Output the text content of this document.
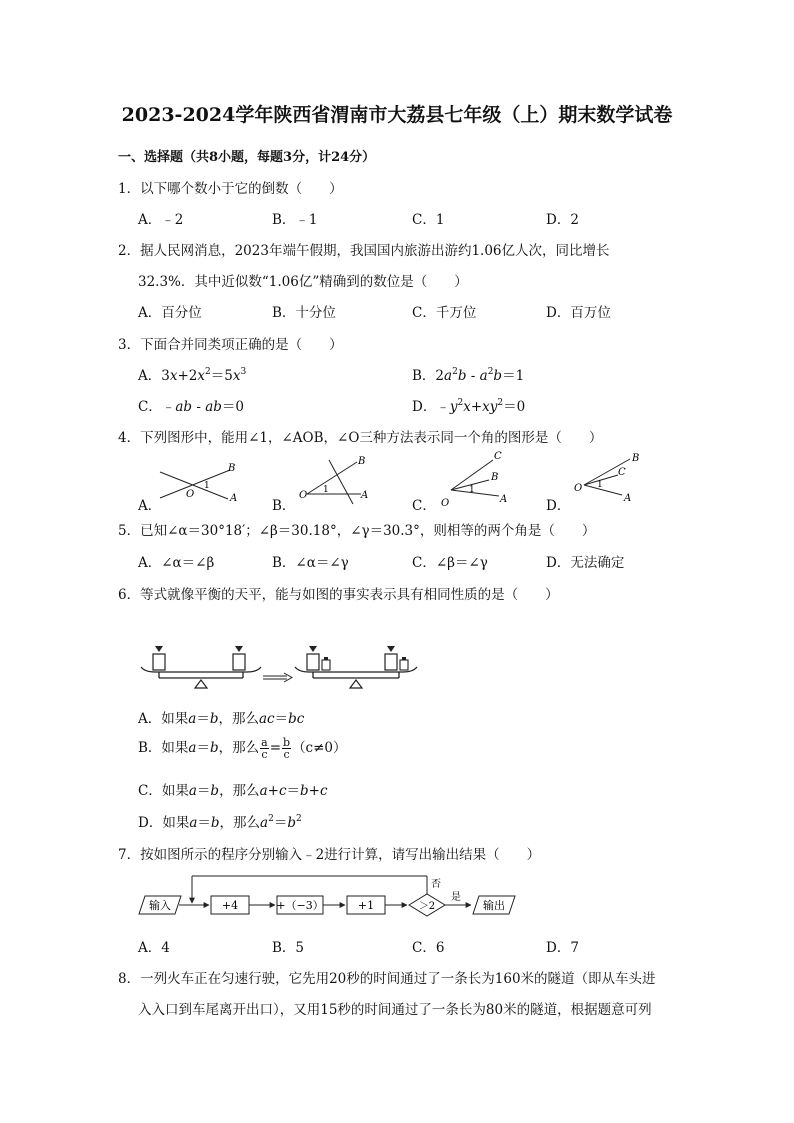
2023-2024学年陕西省渭南市大荔县七年级（上）期末数学试卷
一、选择题（共8小题，每题3分，计24分）
1．以下哪个数小于它的倒数（　　）
A．﹣2	B．﹣1	C．1	D．2
2．据人民网消息，2023年端午假期，我国国内旅游出游约1.06亿人次，同比增长
32.3%．其中近似数“1.06亿”精确到的数位是（　　）
A．百分位	B．十分位	C．千万位	D．百万位
3．下面合并同类项正确的是（　　）
A．$3x+2x^2=5x^3$	B．$2a^2b - a^2b=1$
C．﹣ab - ab＝0	D．$﹣y^2x+xy^2=0$
4．下列图形中，能用∠1，∠AOB，∠O三种方法表示同一个角的图形是（　　）
A．	B．	C．	D．
O
1
B
A	O 1
B
A
O
1
C
B
A
O 1
B
C
A
5．已知∠α＝30°18′；∠β＝30.18°，∠γ＝30.3°，则相等的两个角是（　　）
A．∠α＝∠β	B．∠α＝∠γ	C．∠β＝∠γ	D．无法确定
6．等式就像平衡的天平，能与如图的事实表示具有相同性质的是（　　）
A．如果a＝b，那么ac＝bc
B．如果a＝b，那么 $\frac{a}{c} = \frac{b}{c} (c\ne 0)$
C．如果a＝b，那么a+c＝b+c
D．如果a＝b，那么$a^2=b^2$
7．按如图所示的程序分别输入﹣2进行计算，请写出输出结果（　　）
输入	+4	+（−3）	+1	＞2
否
是
输出
A．4	B．5	C．6	D．7
8．一列火车正在匀速行驶，它先用20秒的时间通过了一条长为160米的隧道（即从车头进
入入口到车尾离开出口），又用15秒的时间通过了一条长为80米的隧道，根据题意可列
